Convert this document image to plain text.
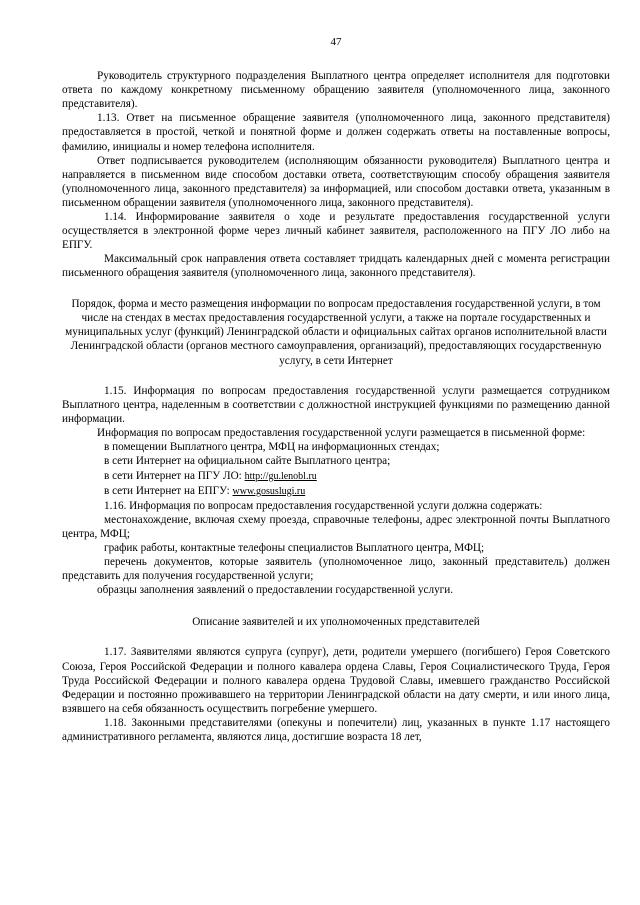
47

Руководитель структурного подразделения Выплатного центра определяет исполнителя для подготовки ответа по каждому конкретному письменному обращению заявителя (уполномоченного лица, законного представителя).

1.13. Ответ на письменное обращение заявителя (уполномоченного лица, законного представителя) предоставляется в простой, четкой и понятной форме и должен содержать ответы на поставленные вопросы, фамилию, инициалы и номер телефона исполнителя.

Ответ подписывается руководителем (исполняющим обязанности руководителя) Выплатного центра и направляется в письменном виде способом доставки ответа, соответствующим способу обращения заявителя (уполномоченного лица, законного представителя) за информацией, или способом доставки ответа, указанным в письменном обращении заявителя (уполномоченного лица, законного представителя).

1.14. Информирование заявителя о ходе и результате предоставления государственной услуги осуществляется в электронной форме через личный кабинет заявителя, расположенного на ПГУ ЛО либо на ЕПГУ.

Максимальный срок направления ответа составляет тридцать календарных дней с момента регистрации письменного обращения заявителя (уполномоченного лица, законного представителя).

Порядок, форма и место размещения информации по вопросам предоставления государственной услуги, в том числе на стендах в местах предоставления государственной услуги, а также на портале государственных и муниципальных услуг (функций) Ленинградской области и официальных сайтах органов исполнительной власти Ленинградской области (органов местного самоуправления, организаций), предоставляющих государственную услугу, в сети Интернет

1.15. Информация по вопросам предоставления государственной услуги размещается сотрудником Выплатного центра, наделенным в соответствии с должностной инструкцией функциями по размещению данной информации.

Информация по вопросам предоставления государственной услуги размещается в письменной форме:

в помещении Выплатного центра, МФЦ на информационных стендах;

в сети Интернет на официальном сайте Выплатного центра;

в сети Интернет на ПГУ ЛО: http://gu.lenobl.ru

в сети Интернет на ЕПГУ: www.gosuslugi.ru

1.16. Информация по вопросам предоставления государственной услуги должна содержать:

местонахождение, включая схему проезда, справочные телефоны, адрес электронной почты Выплатного центра, МФЦ;

график работы, контактные телефоны специалистов Выплатного центра, МФЦ;

перечень документов, которые заявитель (уполномоченное лицо, законный представитель) должен представить для получения государственной услуги;

образцы заполнения заявлений о предоставлении государственной услуги.

Описание заявителей и их уполномоченных представителей

1.17. Заявителями являются супруга (супруг), дети, родители умершего (погибшего) Героя Советского Союза, Героя Российской Федерации и полного кавалера ордена Славы, Героя Социалистического Труда, Героя Труда Российской Федерации и полного кавалера ордена Трудовой Славы, имевшего гражданство Российской Федерации и постоянно проживавшего на территории Ленинградской области на дату смерти, и или иного лица, взявшего на себя обязанность осуществить погребение умершего.

1.18. Законными представителями (опекуны и попечители) лиц, указанных в пункте 1.17 настоящего административного регламента, являются лица, достигшие возраста 18 лет,
